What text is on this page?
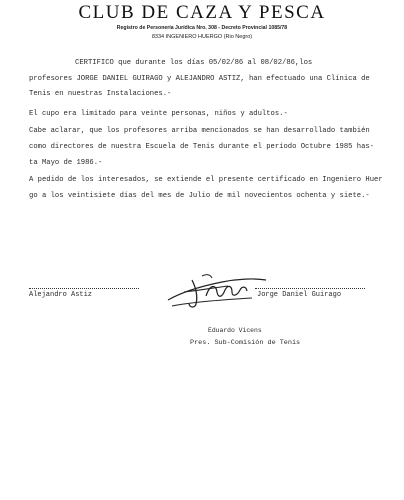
CLUB DE CAZA Y PESCA
Registro de Personería Jurídica Nro. 308 - Decreto Provincial 1085/78
8334 INGENIERO HUERGO (Rio Negro)

CERTIFICO que durante los días 05/02/86 al 08/02/86,los

profesores JORGE DANIEL GUIRAGO y ALEJANDRO ASTIZ, han efectuado una Clínica de

Tenis en nuestras Instalaciones.-

El cupo era limitado para veinte personas, niños y adultos.-

Cabe aclarar, que los profesores arriba mencionados se han desarrollado también

como directores de nuestra Escuela de Tenis durante el período Octubre 1985 has-

ta Mayo de 1986.-

A pedido de los interesados, se extiende el presente certificado en Ingeniero Huer

go a los veintisiete días del mes de Julio de mil novecientos ochenta y siete.-

Alejandro Astiz	Jorge Daniel Guirago
Eduardo Vicens
Pres. Sub-Comisión de Tenis
